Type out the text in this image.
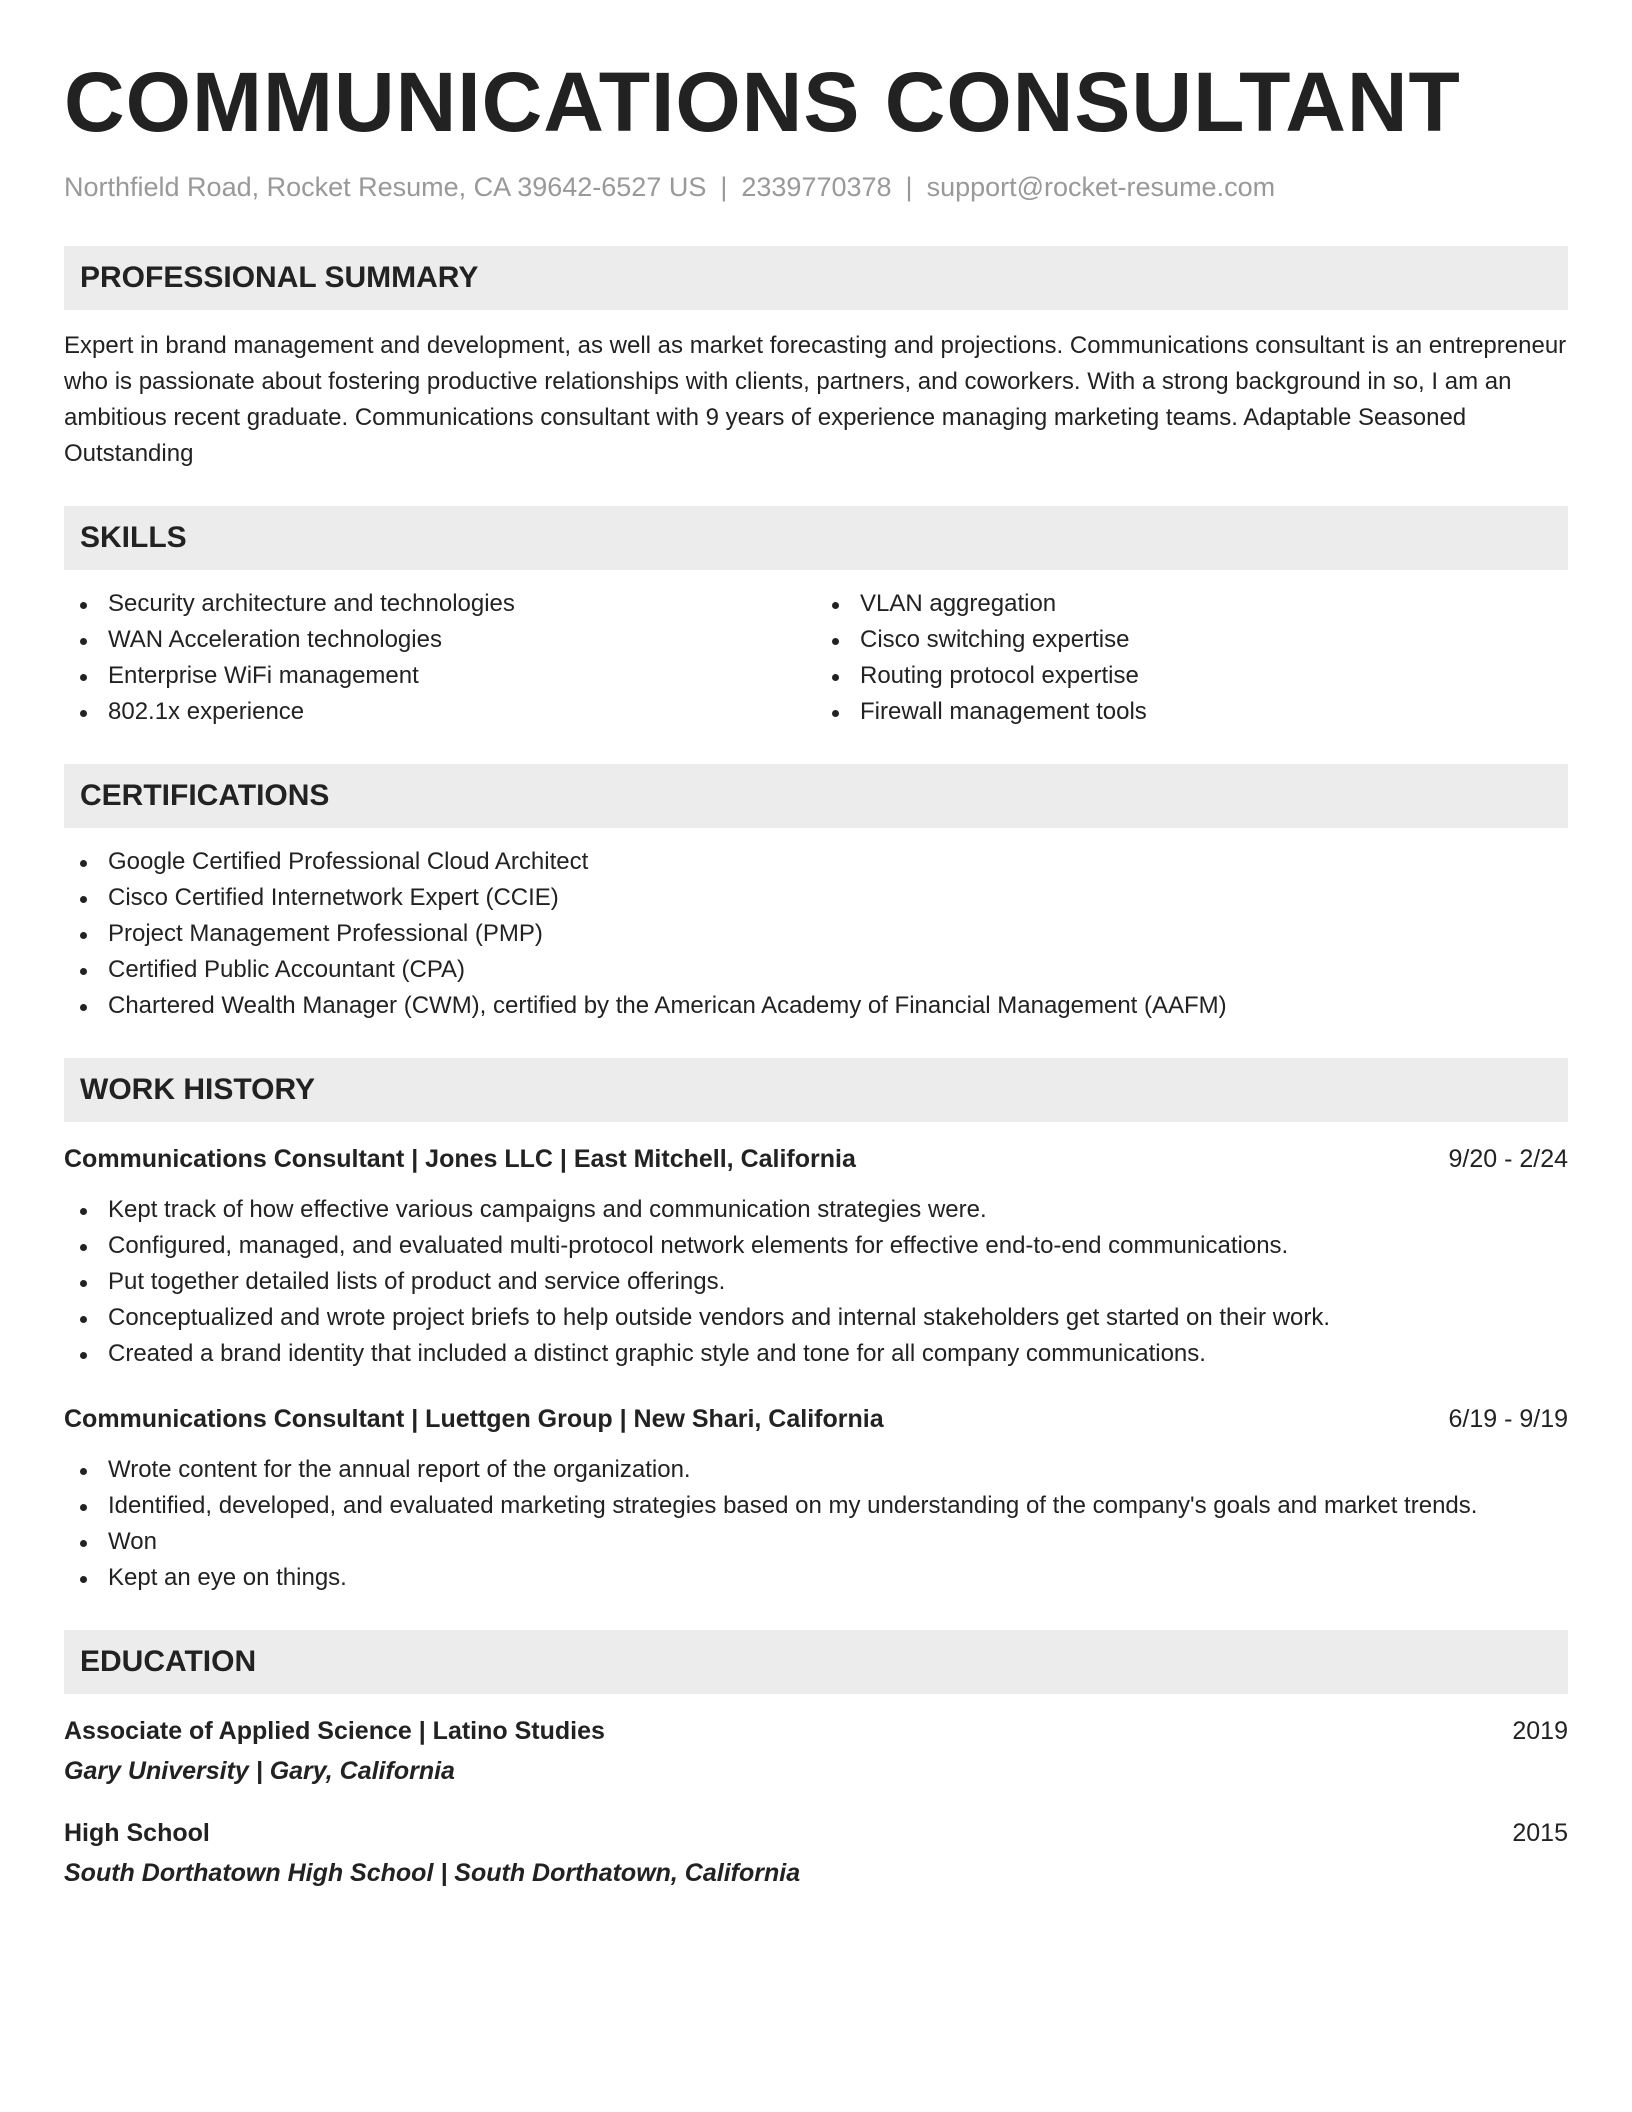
COMMUNICATIONS CONSULTANT
Northfield Road, Rocket Resume, CA 39642-6527 US | 2339770378 | support@rocket-resume.com
PROFESSIONAL SUMMARY

Expert in brand management and development, as well as market forecasting and projections. Communications consultant is an entrepreneur who is passionate about fostering productive relationships with clients, partners, and coworkers. With a strong background in so, I am an ambitious recent graduate. Communications consultant with 9 years of experience managing marketing teams. Adaptable Seasoned Outstanding

SKILLS
Security architecture and technologies
WAN Acceleration technologies
Enterprise WiFi management
802.1x experience
VLAN aggregation
Cisco switching expertise
Routing protocol expertise
Firewall management tools
CERTIFICATIONS
Google Certified Professional Cloud Architect
Cisco Certified Internetwork Expert (CCIE)
Project Management Professional (PMP)
Certified Public Accountant (CPA)
Chartered Wealth Manager (CWM), certified by the American Academy of Financial Management (AAFM)
WORK HISTORY
Communications Consultant | Jones LLC | East Mitchell, California	9/20 - 2/24
Kept track of how effective various campaigns and communication strategies were.
Configured, managed, and evaluated multi-protocol network elements for effective end-to-end communications.
Put together detailed lists of product and service offerings.
Conceptualized and wrote project briefs to help outside vendors and internal stakeholders get started on their work.
Created a brand identity that included a distinct graphic style and tone for all company communications.
Communications Consultant | Luettgen Group | New Shari, California	6/19 - 9/19
Wrote content for the annual report of the organization.
Identified, developed, and evaluated marketing strategies based on my understanding of the company's goals and market trends.
Won
Kept an eye on things.
EDUCATION
Associate of Applied Science | Latino Studies	2019
Gary University | Gary, California
High School	2015
South Dorthatown High School | South Dorthatown, California
